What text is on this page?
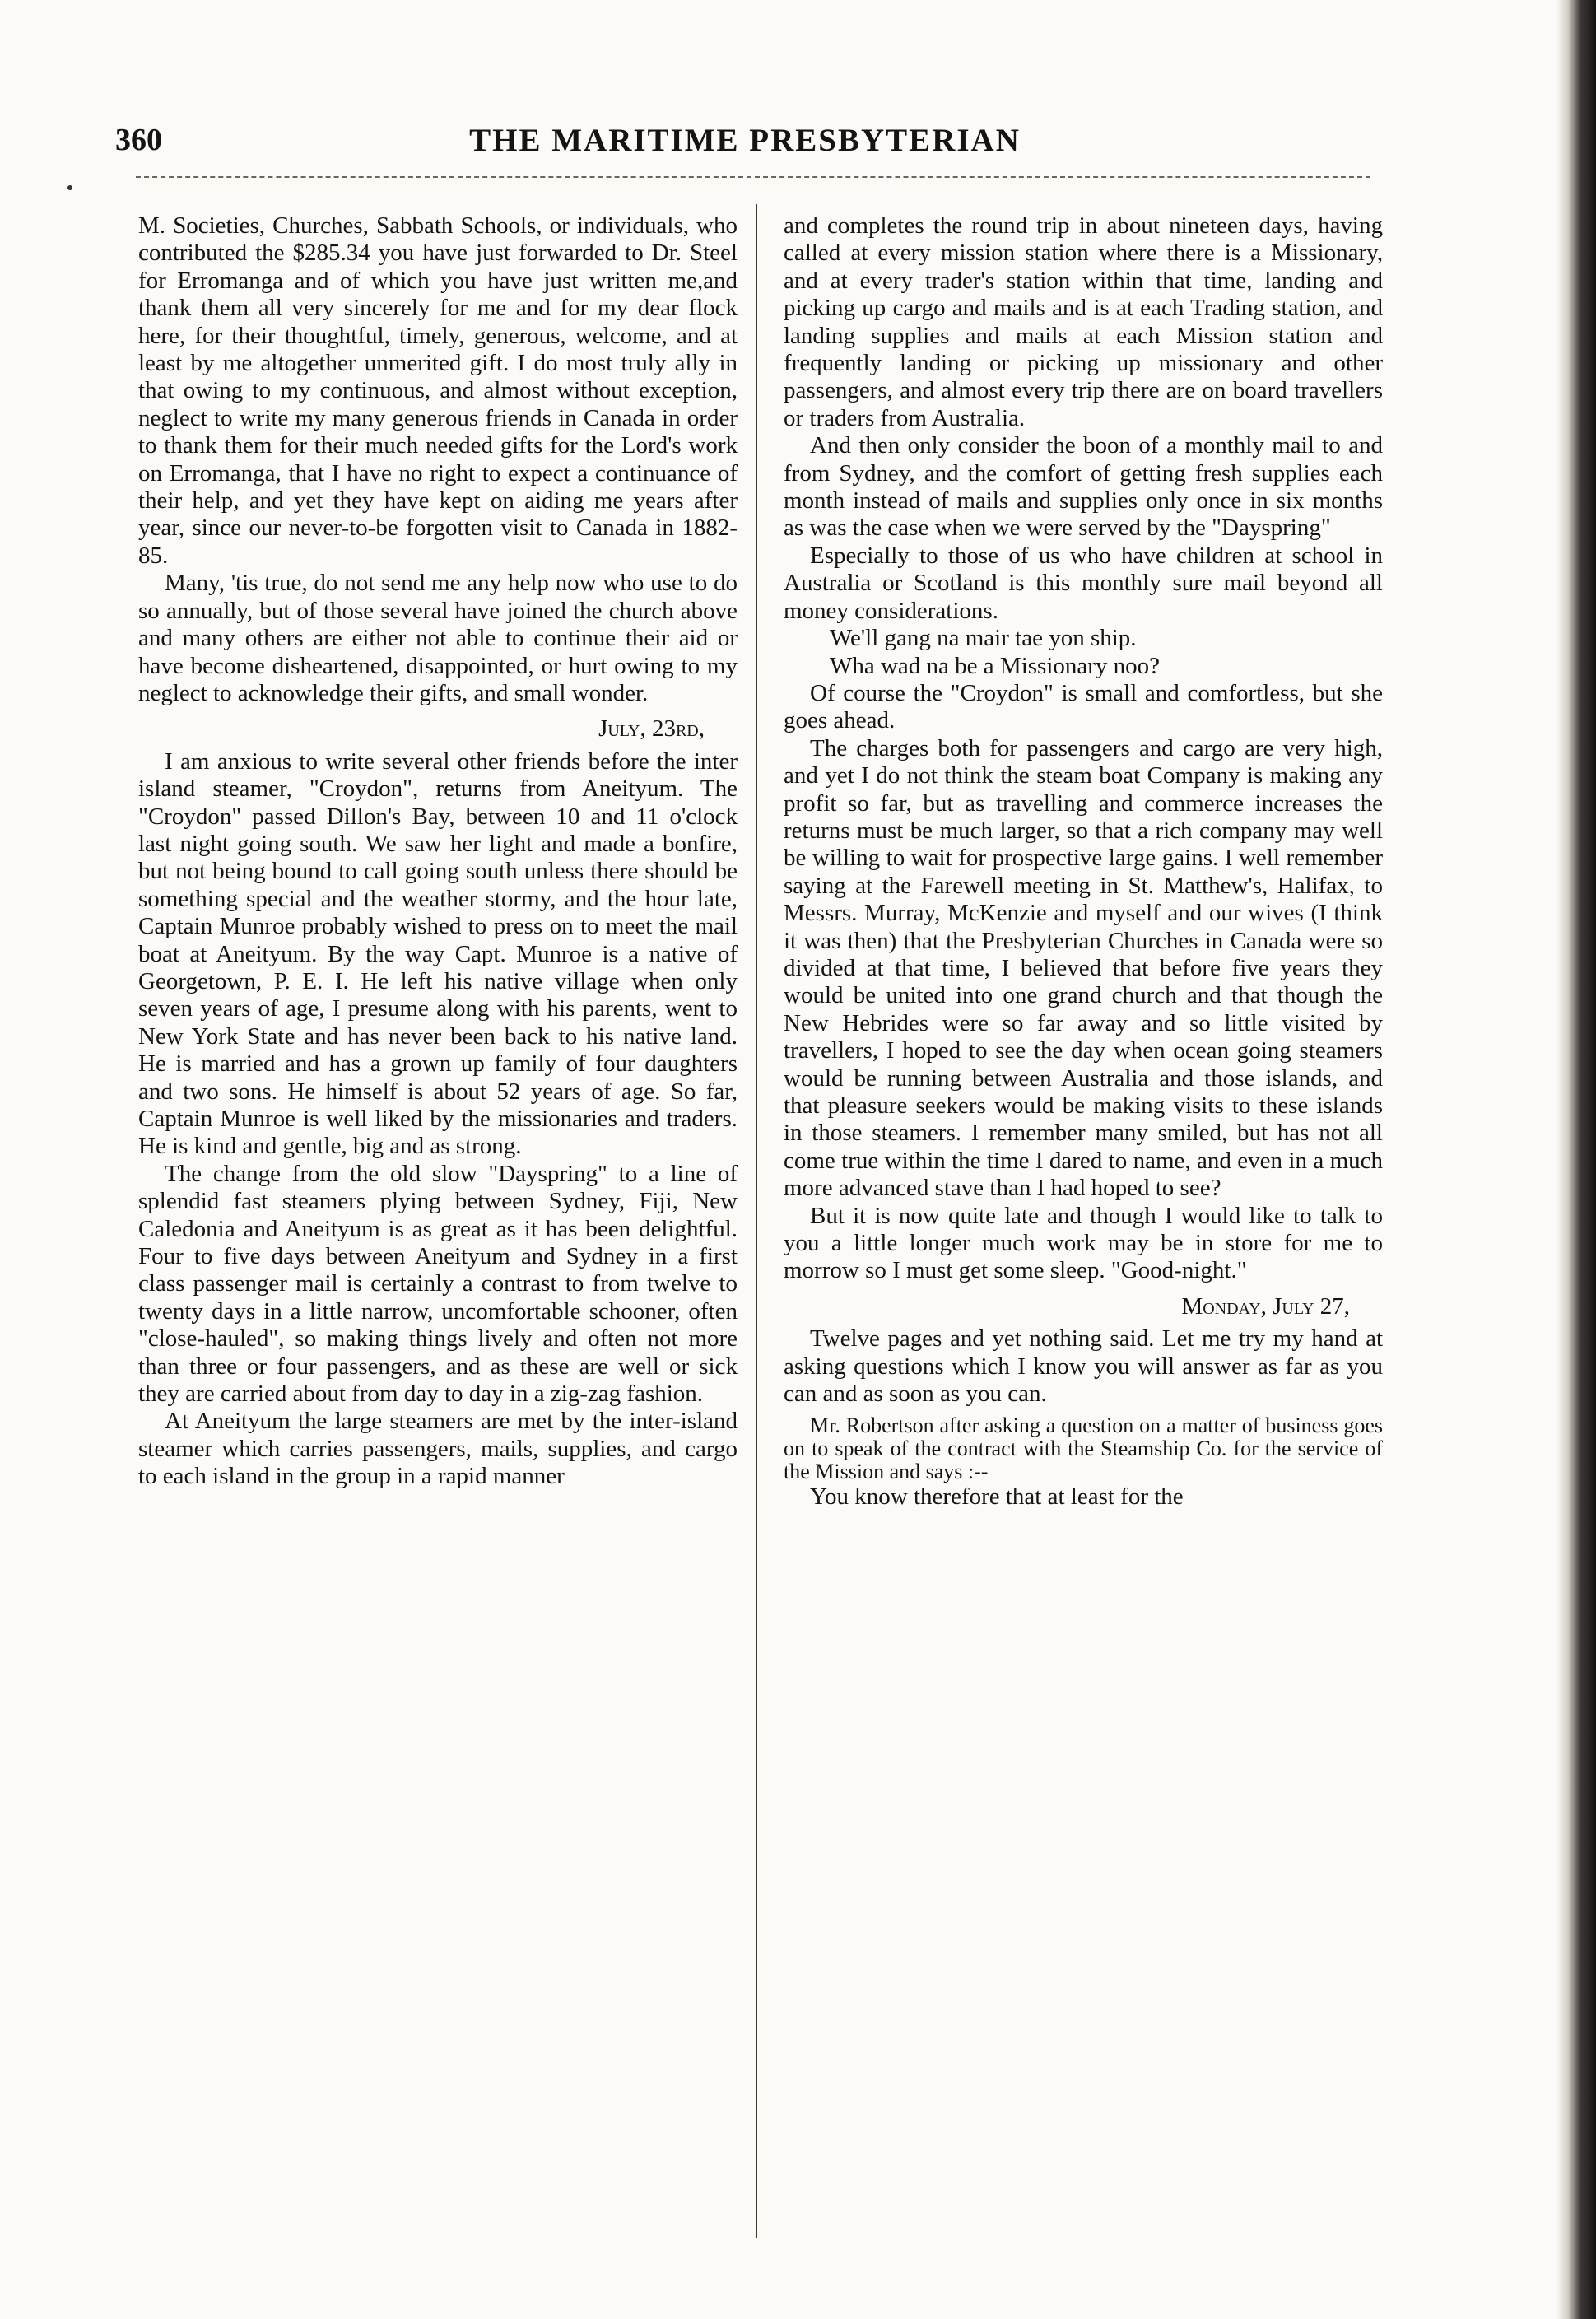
360	THE MARITIME PRESBYTERIAN

M. Societies, Churches, Sabbath Schools, or individuals, who contributed the $285.34 you have just forwarded to Dr. Steel for Erromanga and of which you have just written me,and thank them all very sincerely for me and for my dear flock here, for their thoughtful, timely, generous, welcome, and at least by me altogether unmerited gift. I do most truly ally in that owing to my continuous, and almost without exception, neglect to write my many generous friends in Canada in order to thank them for their much needed gifts for the Lord's work on Erromanga, that I have no right to expect a continuance of their help, and yet they have kept on aiding me years after year, since our never-to-be forgotten visit to Canada in 1882-85.

Many, 'tis true, do not send me any help now who use to do so annually, but of those several have joined the church above and many others are either not able to continue their aid or have become disheartened, disappointed, or hurt owing to my neglect to acknowledge their gifts, and small wonder.

July, 23rd,

I am anxious to write several other friends before the inter island steamer, "Croydon", returns from Aneityum. The "Croydon" passed Dillon's Bay, between 10 and 11 o'clock last night going south. We saw her light and made a bonfire, but not being bound to call going south unless there should be something special and the weather stormy, and the hour late, Captain Munroe probably wished to press on to meet the mail boat at Aneityum. By the way Capt. Munroe is a native of Georgetown, P. E. I. He left his native village when only seven years of age, I presume along with his parents, went to New York State and has never been back to his native land. He is married and has a grown up family of four daughters and two sons. He himself is about 52 years of age. So far, Captain Munroe is well liked by the missionaries and traders. He is kind and gentle, big and as strong.

The change from the old slow "Dayspring" to a line of splendid fast steamers plying between Sydney, Fiji, New Caledonia and Aneityum is as great as it has been delightful. Four to five days between Aneityum and Sydney in a first class passenger mail is certainly a contrast to from twelve to twenty days in a little narrow, uncomfortable schooner, often "close-hauled", so making things lively and often not more than three or four passengers, and as these are well or sick they are carried about from day to day in a zig-zag fashion.

At Aneityum the large steamers are met by the inter-island steamer which carries passengers, mails, supplies, and cargo to each island in the group in a rapid manner

and completes the round trip in about nineteen days, having called at every mission station where there is a Missionary, and at every trader's station within that time, landing and picking up cargo and mails and is at each Trading station, and landing supplies and mails at each Mission station and frequently landing or picking up missionary and other passengers, and almost every trip there are on board travellers or traders from Australia.

And then only consider the boon of a monthly mail to and from Sydney, and the comfort of getting fresh supplies each month instead of mails and supplies only once in six months as was the case when we were served by the "Dayspring"

Especially to those of us who have children at school in Australia or Scotland is this monthly sure mail beyond all money considerations.

We'll gang na mair tae yon ship.

Wha wad na be a Missionary noo?

Of course the "Croydon" is small and comfortless, but she goes ahead.

The charges both for passengers and cargo are very high, and yet I do not think the steam boat Company is making any profit so far, but as travelling and commerce increases the returns must be much larger, so that a rich company may well be willing to wait for prospective large gains. I well remember saying at the Farewell meeting in St. Matthew's, Halifax, to Messrs. Murray, McKenzie and myself and our wives (I think it was then) that the Presbyterian Churches in Canada were so divided at that time, I believed that before five years they would be united into one grand church and that though the New Hebrides were so far away and so little visited by travellers, I hoped to see the day when ocean going steamers would be running between Australia and those islands, and that pleasure seekers would be making visits to these islands in those steamers. I remember many smiled, but has not all come true within the time I dared to name, and even in a much more advanced stave than I had hoped to see?

But it is now quite late and though I would like to talk to you a little longer much work may be in store for me to morrow so I must get some sleep. "Good-night."

Monday, July 27,

Twelve pages and yet nothing said. Let me try my hand at asking questions which I know you will answer as far as you can and as soon as you can.

Mr. Robertson after asking a question on a matter of business goes on to speak of the contract with the Steamship Co. for the service of the Mission and says :--

You know therefore that at least for the
